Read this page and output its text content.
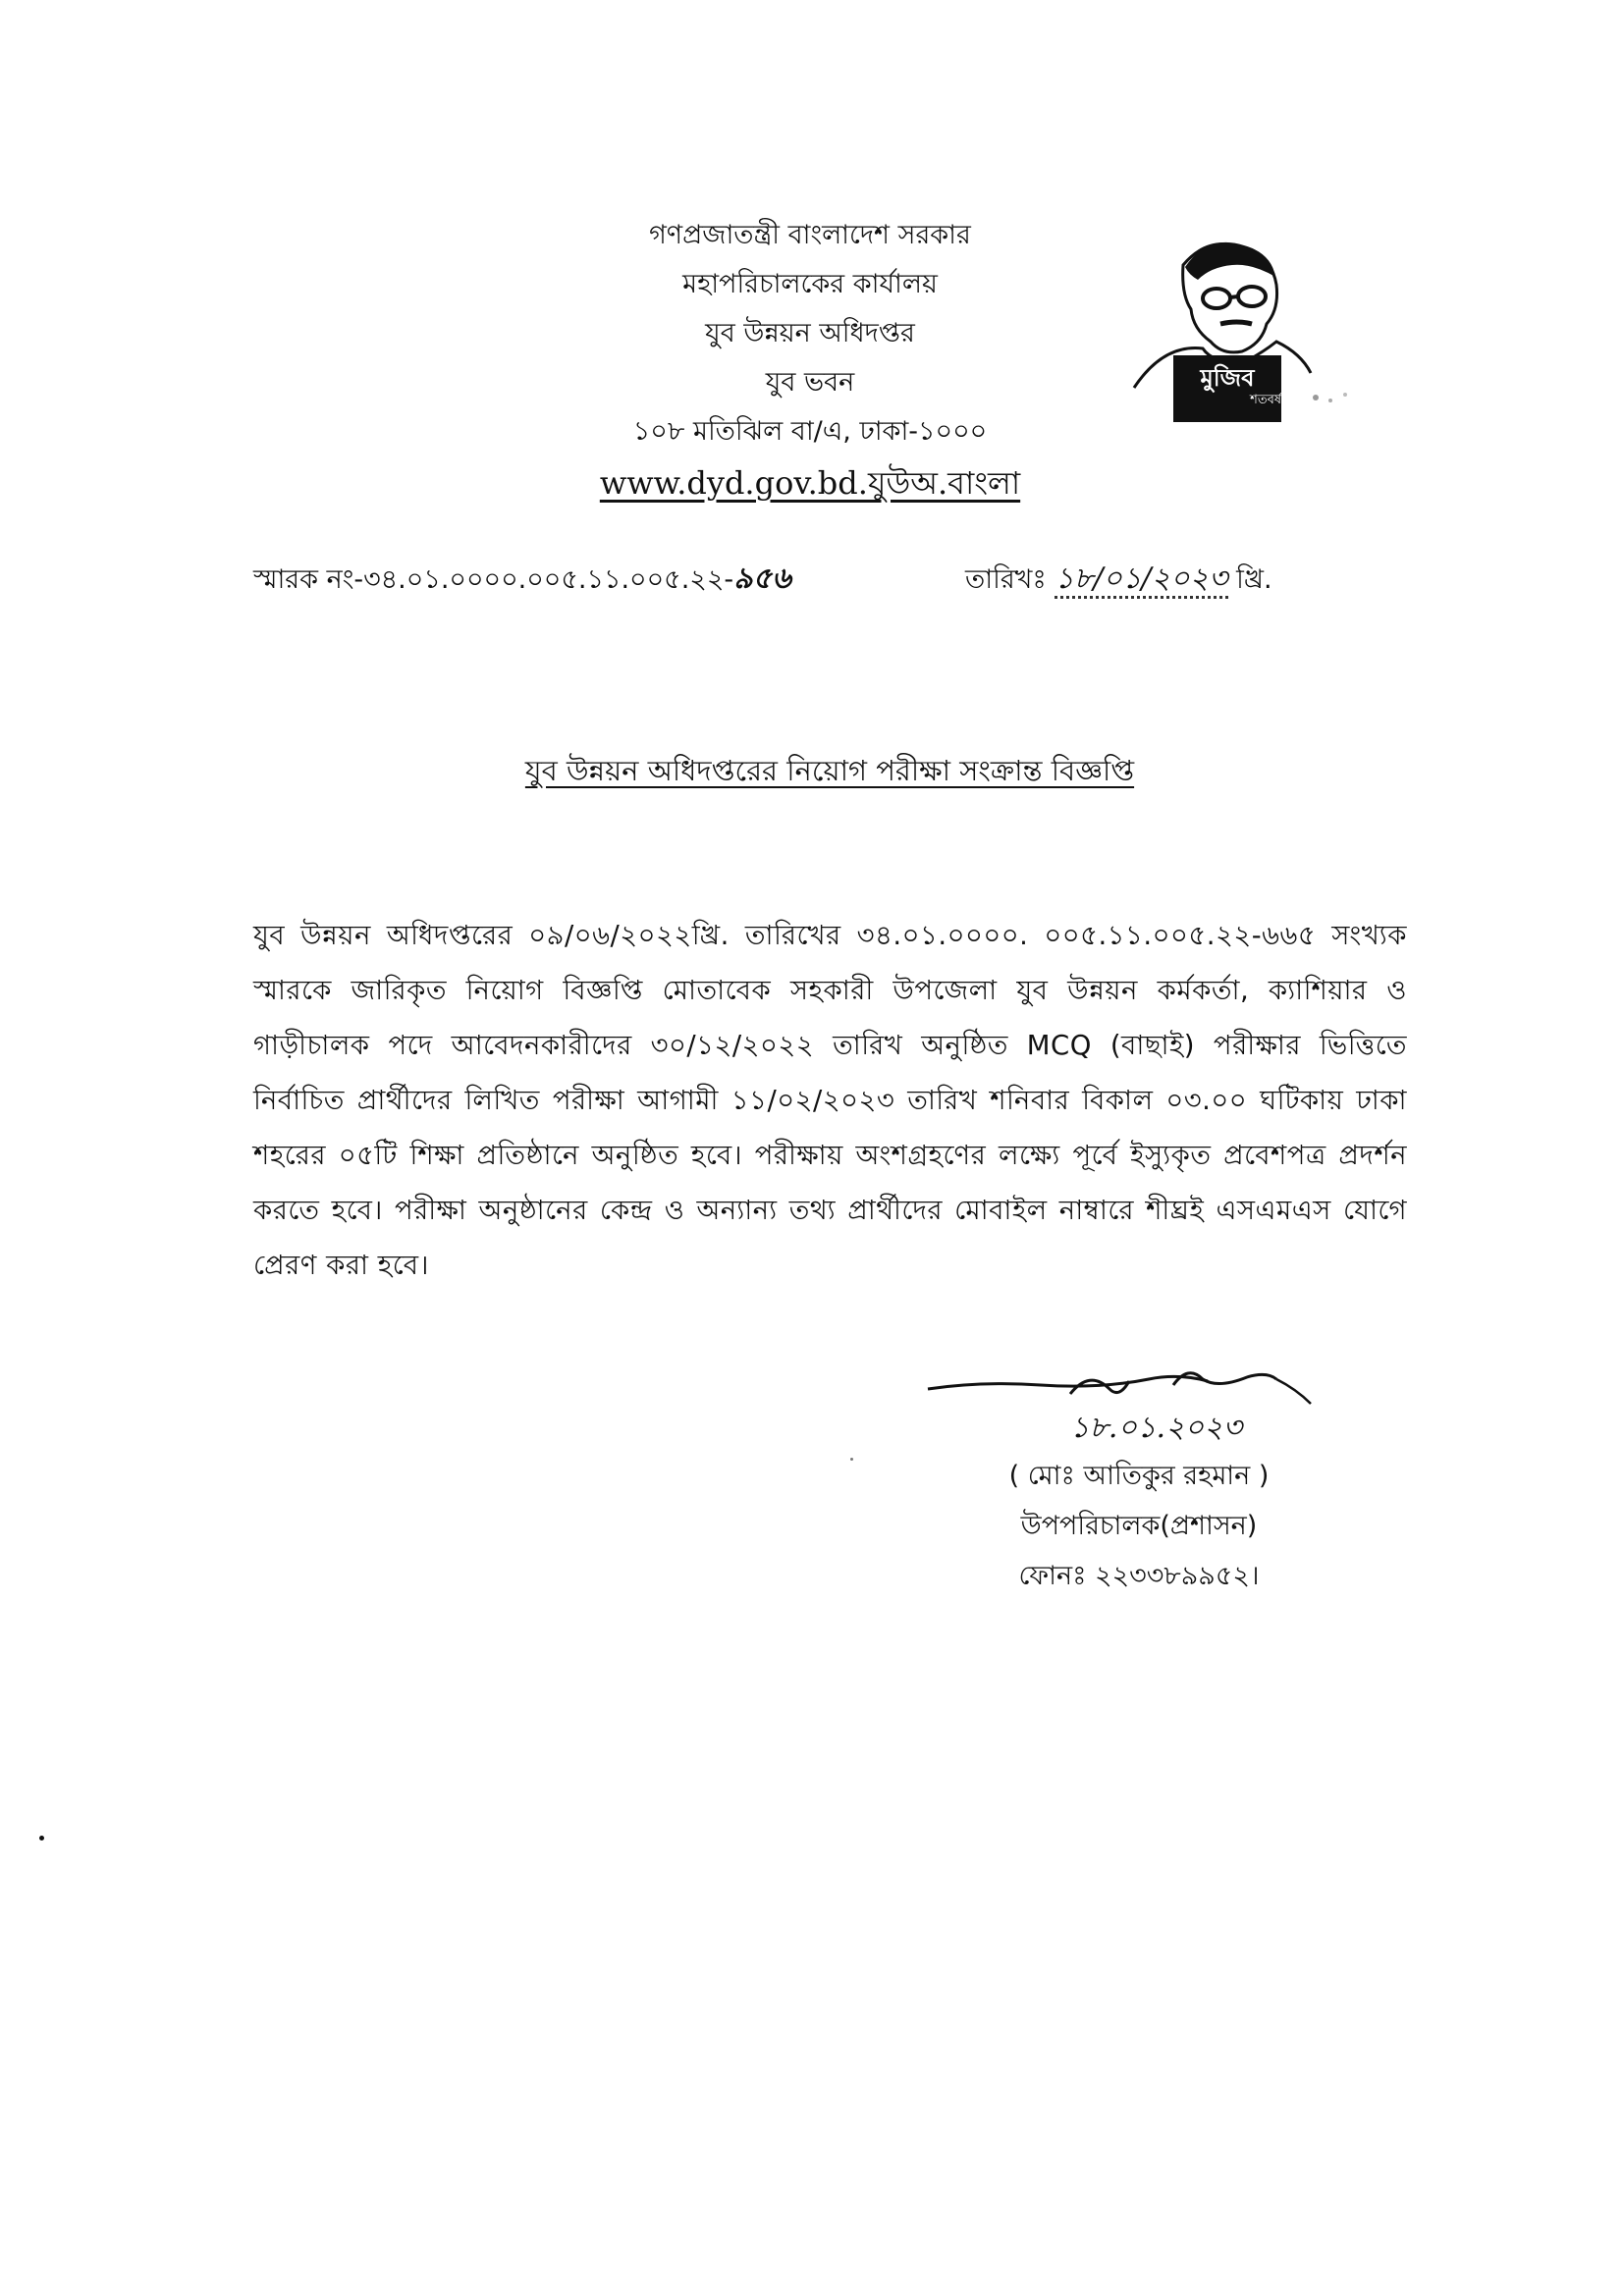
গণপ্রজাতন্ত্রী বাংলাদেশ সরকার
মহাপরিচালকের কার্যালয়
যুব উন্নয়ন অধিদপ্তর
যুব ভবন
১০৮ মতিঝিল বা/এ, ঢাকা-১০০০
www.dyd.gov.bd.যুউঅ.বাংলা
মুজিব
শতবর্ষ
স্মারক নং-৩৪.০১.০০০০.০০৫.১১.০০৫.২২-৯৫৬	তারিখঃ ১৮/০১/২০২৩ খ্রি.
যুব উন্নয়ন অধিদপ্তরের নিয়োগ পরীক্ষা সংক্রান্ত বিজ্ঞপ্তি
যুব উন্নয়ন অধিদপ্তরের ০৯/০৬/২০২২খ্রি. তারিখের ৩৪.০১.০০০০. ০০৫.১১.০০৫.২২-৬৬৫ সংখ্যক স্মারকে জারিকৃত নিয়োগ বিজ্ঞপ্তি মোতাবেক সহকারী উপজেলা যুব উন্নয়ন কর্মকর্তা, ক্যাশিয়ার ও গাড়ীচালক পদে আবেদনকারীদের ৩০/১২/২০২২ তারিখ অনুষ্ঠিত MCQ (বাছাই) পরীক্ষার ভিত্তিতে নির্বাচিত প্রার্থীদের লিখিত পরীক্ষা আগামী ১১/০২/২০২৩ তারিখ শনিবার বিকাল ০৩.০০ ঘটিকায় ঢাকা শহরের ০৫টি শিক্ষা প্রতিষ্ঠানে অনুষ্ঠিত হবে। পরীক্ষায় অংশগ্রহণের লক্ষ্যে পূর্বে ইস্যুকৃত প্রবেশপত্র প্রদর্শন করতে হবে। পরীক্ষা অনুষ্ঠানের কেন্দ্র ও অন্যান্য তথ্য প্রার্থীদের মোবাইল নাম্বারে শীঘ্রই এসএমএস যোগে প্রেরণ করা হবে।
১৮.০১.২০২৩
( মোঃ আতিকুর রহমান )
উপপরিচালক(প্রশাসন)
ফোনঃ ২২৩৩৮৯৯৫২।
